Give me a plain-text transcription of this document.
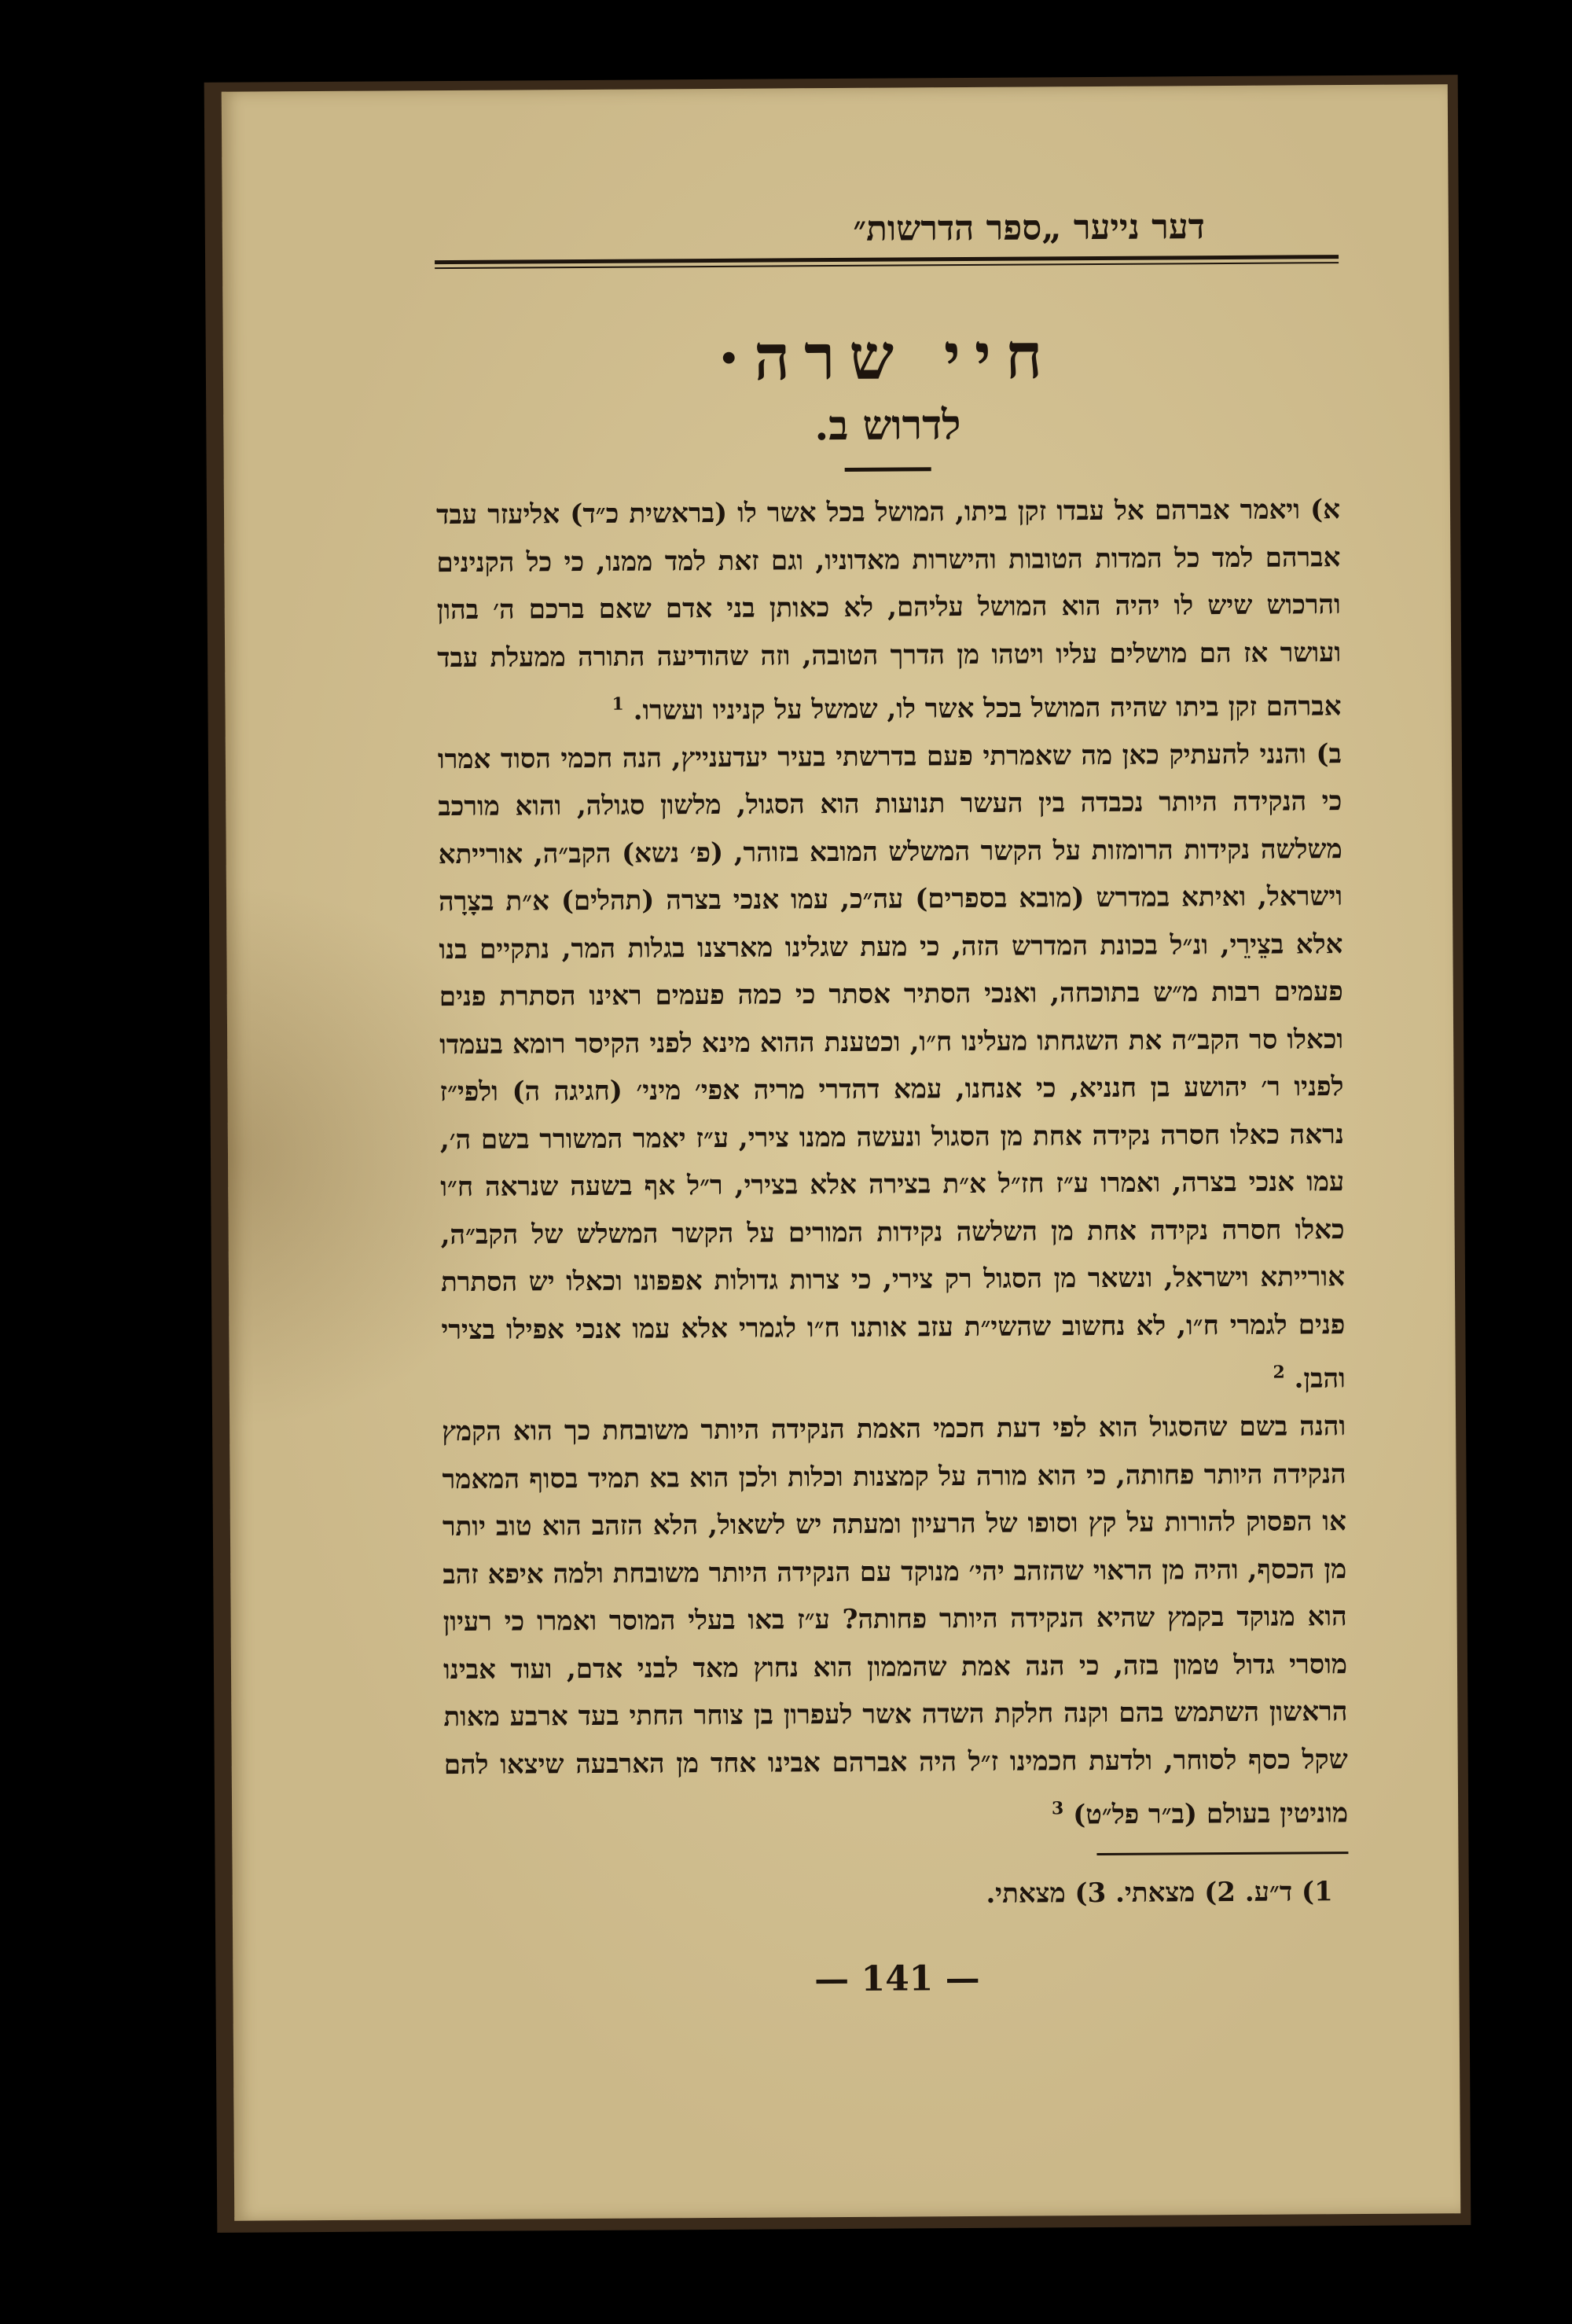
דער נייער „ספר הדרשות״
חיי שרה·
לדרוש ב.

א) ויאמר אברהם אל עבדו זקן ביתו, המושל בכל אשר לו (בראשית כ״ד) אליעזר עבד אברהם למד כל המדות הטובות והישרות מאדוניו, וגם זאת למד ממנו, כי כל הקנינים והרכוש שיש לו יהיה הוא המושל עליהם, לא כאותן בני אדם שאם ברכם ה׳ בהון ועושר אז הם מושלים עליו ויטהו מן הדרך הטובה, וזה שהודיעה התורה ממעלת עבד אברהם זקן ביתו שהיה המושל בכל אשר לו, שמשל על קניניו ועשרו. $^1$

ב) והנני להעתיק כאן מה שאמרתי פעם בדרשתי בעיר יעדענייץ, הנה חכמי הסוד אמרו כי הנקידה היותר נכבדה בין העשר תנועות הוא הסגול, מלשון סגולה, והוא מורכב משלשה נקידות הרומזות על הקשר המשלש המובא בזוהר, (פ׳ נשא) הקב״ה, אורייתא וישראל, ואיתא במדרש (מובא בספרים) עה״כ, עמו אנכי בצרה (תהלים) א״ת בצָרָה אלא בצֵירֵי, ונ״ל בכונת המדרש הזה, כי מעת שגלינו מארצנו בגלות המר, נתקיים בנו פעמים רבות מ״ש בתוכחה, ואנכי הסתיר אסתר כי כמה פעמים ראינו הסתרת פנים וכאלו סר הקב״ה את השגחתו מעלינו ח״ו, וכטענת ההוא מינא לפני הקיסר רומא בעמדו לפניו ר׳ יהושע בן חנניא, כי אנחנו, עמא דהדרי מריה אפי׳ מיני׳ (חגיגה ה) ולפי״ז נראה כאלו חסרה נקידה אחת מן הסגול ונעשה ממנו צירי, ע״ז יאמר המשורר בשם ה׳, עמו אנכי בצרה, ואמרו ע״ז חז״ל א״ת בצירה אלא בצירי, ר״ל אף בשעה שנראה ח״ו כאלו חסרה נקידה אחת מן השלשה נקידות המורים על הקשר המשלש של הקב״ה, אורייתא וישראל, ונשאר מן הסגול רק צירי, כי צרות גדולות אפפונו וכאלו יש הסתרת פנים לגמרי ח״ו, לא נחשוב שהשי״ת עזב אותנו ח״ו לגמרי אלא עמו אנכי אפילו בצירי והבן. $^2$

והנה בשם שהסגול הוא לפי דעת חכמי האמת הנקידה היותר משובחת כך הוא הקמץ הנקידה היותר פחותה, כי הוא מורה על קמצנות וכלות ולכן הוא בא תמיד בסוף המאמר או הפסוק להורות על קץ וסופו של הרעיון ומעתה יש לשאול, הלא הזהב הוא טוב יותר מן הכסף, והיה מן הראוי שהזהב יהי׳ מנוקד עם הנקידה היותר משובחת ולמה איפא זהב הוא מנוקד בקמץ שהיא הנקידה היותר פחותה? ע״ז באו בעלי המוסר ואמרו כי רעיון מוסרי גדול טמון בזה, כי הנה אמת שהממון הוא נחוץ מאד לבני אדם, ועוד אבינו הראשון השתמש בהם וקנה חלקת השדה אשר לעפרון בן צוחר החתי בעד ארבע מאות שקל כסף לסוחר, ולדעת חכמינו ז״ל היה אברהם אבינו אחד מן הארבעה שיצאו להם מוניטין בעולם (ב״ר פל״ט) $^3$

1) ד״ע. 2) מצאתי. 3) מצאתי.
— 141 —
